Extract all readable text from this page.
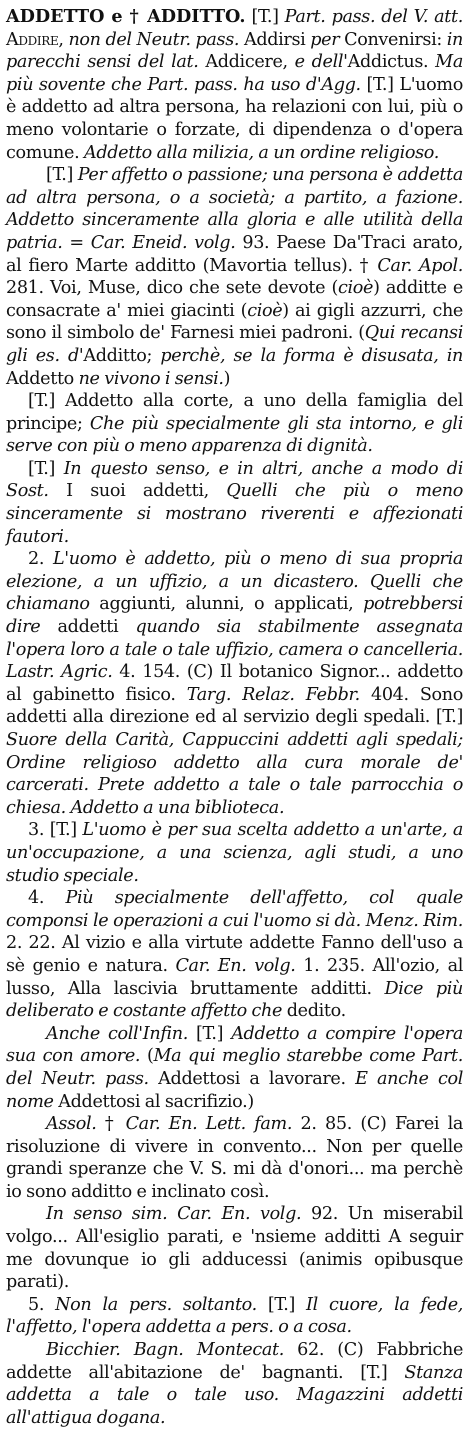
ADDETTO e † ADDITTO. [T.] Part. pass. del V. att. Addire, non del Neutr. pass. Addirsi per Convenirsi: in parecchi sensi del lat. Addicere, e dell'Addictus. Ma più sovente che Part. pass. ha uso d'Agg. [T.] L'uomo è addetto ad altra persona, ha relazioni con lui, più o meno volontarie o forzate, di dipendenza o d'opera comune. Addetto alla milizia, a un ordine religioso.

[T.] Per affetto o passione; una persona è addetta ad altra persona, o a società; a partito, a fazione. Addetto sinceramente alla gloria e alle utilità della patria. = Car. Eneid. volg. 93. Paese Da'Traci arato, al fiero Marte additto (Mavortia tellus). † Car. Apol. 281. Voi, Muse, dico che sete devote (cioè) additte e consacrate a' miei giacinti (cioè) ai gigli azzurri, che sono il simbolo de' Farnesi miei padroni. (Qui recansi gli es. d'Additto; perchè, se la forma è disusata, in Addetto ne vivono i sensi.)

[T.] Addetto alla corte, a uno della famiglia del principe; Che più specialmente gli sta intorno, e gli serve con più o meno apparenza di dignità.

[T.] In questo senso, e in altri, anche a modo di Sost. I suoi addetti, Quelli che più o meno sinceramente si mostrano riverenti e affezionati fautori.

2. L'uomo è addetto, più o meno di sua propria elezione, a un uffizio, a un dicastero. Quelli che chiamano aggiunti, alunni, o applicati, potrebbersi dire addetti quando sia stabilmente assegnata l'opera loro a tale o tale uffizio, camera o cancelleria. Lastr. Agric. 4. 154. (C) Il botanico Signor... addetto al gabinetto fisico. Targ. Relaz. Febbr. 404. Sono addetti alla direzione ed al servizio degli spedali. [T.] Suore della Carità, Cappuccini addetti agli spedali; Ordine religioso addetto alla cura morale de' carcerati. Prete addetto a tale o tale parrocchia o chiesa. Addetto a una biblioteca.

3. [T.] L'uomo è per sua scelta addetto a un'arte, a un'occupazione, a una scienza, agli studi, a uno studio speciale.

4. Più specialmente dell'affetto, col quale componsi le operazioni a cui l'uomo si dà. Menz. Rim. 2. 22. Al vizio e alla virtute addette Fanno dell'uso a sè genio e natura. Car. En. volg. 1. 235. All'ozio, al lusso, Alla lascivia bruttamente additti. Dice più deliberato e costante affetto che dedito.

Anche coll'Infin. [T.] Addetto a compire l'opera sua con amore. (Ma qui meglio starebbe come Part. del Neutr. pass. Addettosi a lavorare. E anche col nome Addettosi al sacrifizio.)

Assol. † Car. En. Lett. fam. 2. 85. (C) Farei la risoluzione di vivere in convento... Non per quelle grandi speranze che V. S. mi dà d'onori... ma perchè io sono additto e inclinato così.

In senso sim. Car. En. volg. 92. Un miserabil volgo... All'esiglio parati, e 'nsieme additti A seguir me dovunque io gli adducessi (animis opibusque parati).

5. Non la pers. soltanto. [T.] Il cuore, la fede, l'affetto, l'opera addetta a pers. o a cosa.

Bicchier. Bagn. Montecat. 62. (C) Fabbriche addette all'abitazione de' bagnanti. [T.] Stanza addetta a tale o tale uso. Magazzini addetti all'attigua dogana.
